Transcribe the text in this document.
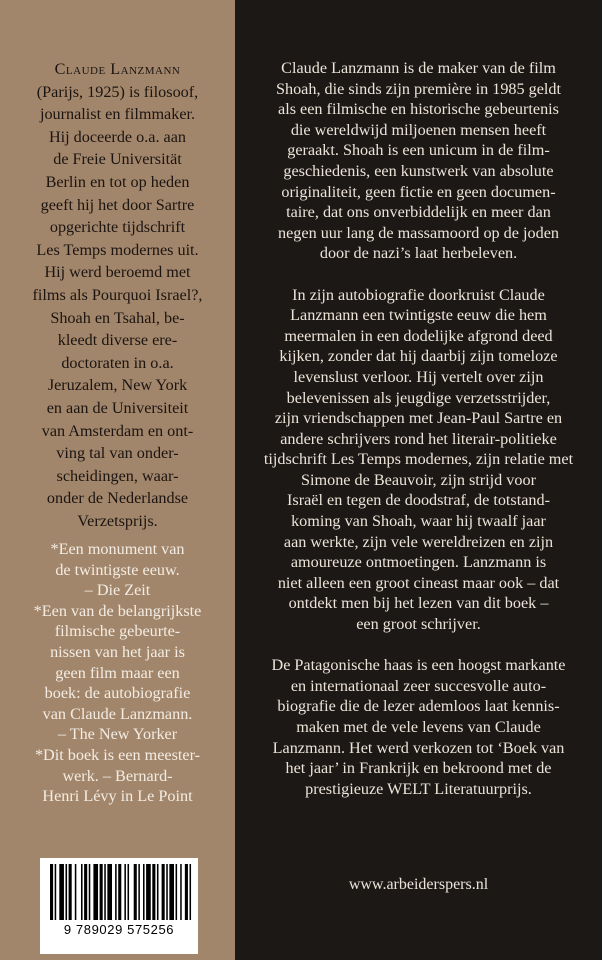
Claude Lanzmann
(Parijs, 1925) is filosoof,
journalist en filmmaker.
Hij doceerde o.a. aan
de Freie Universität
Berlin en tot op heden
geeft hij het door Sartre
opgerichte tijdschrift
Les Temps modernes uit.
Hij werd beroemd met
films als Pourquoi Israel?,
Shoah en Tsahal, be-
kleedt diverse ere-
doctoraten in o.a.
Jeruzalem, New York
en aan de Universiteit
van Amsterdam en ont-
ving tal van onder-
scheidingen, waar-
onder de Nederlandse
Verzetsprijs.
*Een monument van
de twintigste eeuw.
– Die Zeit
*Een van de belangrijkste
filmische gebeurte-
nissen van het jaar is
geen film maar een
boek: de autobiografie
van Claude Lanzmann.
– The New Yorker
*Dit boek is een meester-
werk. – Bernard-
Henri Lévy in Le Point
Claude Lanzmann is de maker van de film
Shoah, die sinds zijn première in 1985 geldt
als een filmische en historische gebeurtenis
die wereldwijd miljoenen mensen heeft
geraakt. Shoah is een unicum in de film-
geschiedenis, een kunstwerk van absolute
originaliteit, geen fictie en geen documen-
taire, dat ons onverbiddelijk en meer dan
negen uur lang de massamoord op de joden
door de nazi’s laat herbeleven.
In zijn autobiografie doorkruist Claude
Lanzmann een twintigste eeuw die hem
meermalen in een dodelijke afgrond deed
kijken, zonder dat hij daarbij zijn tomeloze
levenslust verloor. Hij vertelt over zijn
belevenissen als jeugdige verzetsstrijder,
zijn vriendschappen met Jean-Paul Sartre en
andere schrijvers rond het literair-politieke
tijdschrift Les Temps modernes, zijn relatie met
Simone de Beauvoir, zijn strijd voor
Israël en tegen de doodstraf, de totstand-
koming van Shoah, waar hij twaalf jaar
aan werkte, zijn vele wereldreizen en zijn
amoureuze ontmoetingen. Lanzmann is
niet alleen een groot cineast maar ook – dat
ontdekt men bij het lezen van dit boek –
een groot schrijver.
De Patagonische haas is een hoogst markante
en internationaal zeer succesvolle auto-
biografie die de lezer ademloos laat kennis-
maken met de vele levens van Claude
Lanzmann. Het werd verkozen tot ‘Boek van
het jaar’ in Frankrijk en bekroond met de
prestigieuze WELT Literatuurprijs.
9 789029 575256
www.arbeiderspers.nl
